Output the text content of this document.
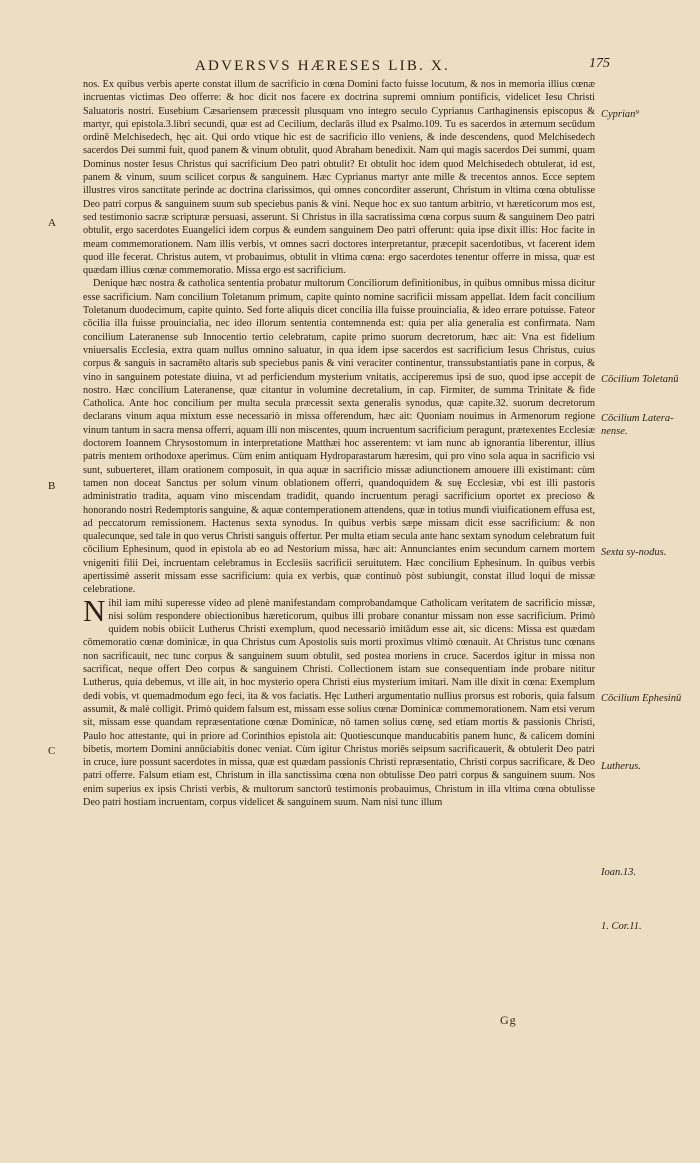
ADVERSVS HÆRESES LIB. X.	175

nos. Ex quibus verbis aperte constat illum de sacrificio in cœna Domini facto fuisse locutum, & nos in memoria illius cœnæ incruentas victimas Deo offerre: & hoc dicit nos facere ex doctrina supremi omnium pontificis, videlicet Iesu Christi Saluatoris nostri. Eusebium Cæsariensem præcessit plusquam vno integro seculo Cyprianus Carthaginensis episcopus & martyr, qui epistola.3.libri secundi, quæ est ad Cecilium, declarās illud ex Psalmo.109. Tu es sacerdos in æternum secūdum ordinē Melchisedech, hęc ait. Qui ordo vtique hic est de sacrificio illo veniens, & inde descendens, quod Melchisedech sacerdos Dei summi fuit, quod panem & vinum obtulit, quod Abraham benedixit. Nam qui magis sacerdos Dei summi, quam Dominus noster Iesus Christus qui sacrificium Deo patri obtulit? Et obtulit hoc idem quod Melchisedech obtulerat, id est, panem & vinum, suum scilicet corpus & sanguinem. Hæc Cyprianus martyr ante mille & trecentos annos. Ecce septem illustres viros sanctitate perinde ac doctrina clarissimos, qui omnes concorditer asserunt, Christum in vltima cœna obtulisse Deo patri corpus & sanguinem suum sub speciebus panis & vini. Neque hoc ex suo tantum arbitrio, vt hæreticorum mos est, sed testimonio sacræ scripturæ persuasi, asserunt. Si Christus in illa sacratissima cœna corpus suum & sanguinem Deo patri obtulit, ergo sacerdotes Euangelici idem corpus & eundem sanguinem Deo patri offerunt: quia ipse dixit illis: Hoc facite in meam commemorationem. Nam illis verbis, vt omnes sacri doctores interpretantur, præcepit sacerdotibus, vt facerent idem quod ille fecerat. Christus autem, vt probauimus, obtulit in vltima cœna: ergo sacerdotes tenentur offerre in missa, quæ est quædam illius cœnæ commemoratio. Missa ergo est sacrificium.

Denique hæc nostra & catholica sententia probatur multorum Conciliorum definitionibus, in quibus omnibus missa dicitur esse sacrificium. Nam concilium Toletanum primum, capite quinto nomine sacrificii missam appellat. Idem facit concilium Toletanum duodecimum, capite quinto. Sed forte aliquis dicet concilia illa fuisse prouincialia, & ideo errare potuisse. Fateor cōcilia illa fuisse prouincialia, nec ideo illorum sententia contemnenda est: quia per alia generalia est confirmata. Nam concilium Lateranense sub Innocentio tertio celebratum, capite primo suorum decretorum, hæc ait: Vna est fidelium vniuersalis Ecclesia, extra quam nullus omnino saluatur, in qua idem ipse sacerdos est sacrificium Iesus Christus, cuius corpus & sanguis in sacramēto altaris sub speciebus panis & vini veraciter continentur, transsubstantiatis pane in corpus, & vino in sanguinem potestate diuina, vt ad perficiendum mysterium vnitatis, acciperemus ipsi de suo, quod ipse accepit de nostro. Hæc concilium Lateranense, quæ citantur in volumine decretalium, in cap. Firmiter, de summa Trinitate & fide Catholica. Ante hoc concilium per multa secula præcessit sexta generalis synodus, quæ capite.32. suorum decretorum declarans vinum aqua mixtum esse necessariò in missa offerendum, hæc ait: Quoniam nouimus in Armenorum regione vinum tantum in sacra mensa offerri, aquam illi non miscentes, quum incruentum sacrificium peragunt, prætexentes Ecclesiæ doctorem Ioannem Chrysostomum in interpretatione Matthæi hoc asserentem: vt iam nunc ab ignorantia liberentur, illius patris mentem orthodoxe aperimus. Cùm enim antiquam Hydroparastarum hæresim, qui pro vino sola aqua in sacrificio vsi sunt, subuerteret, illam orationem composuit, in qua aquæ in sacrificio missæ adiunctionem amouere illi existimant: cùm tamen non doceat Sanctus per solum vinum oblationem offerri, quandoquidem & suę Ecclesiæ, vbi est illi pastoris administratio tradita, aquam vino miscendam tradidit, quando incruentum peragi sacrificium oportet ex precioso & honorando nostri Redemptoris sanguine, & aquæ contemperationem attendens, quæ in totius mundi viuificationem effusa est, ad peccatorum remissionem. Hactenus sexta synodus. In quibus verbis sæpe missam dicit esse sacrificium: & non qualecunque, sed tale in quo verus Christi sanguis offertur. Per multa etiam secula ante hanc sextam synodum celebratum fuit cōcilium Ephesinum, quod in epistola ab eo ad Nestorium missa, hæc ait: Annunciantes enim secundum carnem mortem vnigeniti filii Dei, incruentam celebramus in Ecclesiis sacrificii seruitutem. Hæc concilium Ephesinum. In quibus verbis apertissimè asserit missam esse sacrificium: quia ex verbis, quæ continuò pòst subiungit, constat illud loqui de missæ celebratione.

Nihil iam mihi superesse video ad plenè manifestandam comprobandamque Catholicam veritatem de sacrificio missæ, nisi solùm respondere obiectionibus hæreticorum, quibus illi probare conantur missam non esse sacrificium. Primò quidem nobis obiicit Lutherus Christi exemplum, quod necessariò imitādum esse ait, sic dicens: Missa est quædam cōmemoratio cœnæ dominicæ, in qua Christus cum Apostolis suis morti proximus vltimò cœnauit. At Christus tunc cœnans non sacrificauit, nec tunc corpus & sanguinem suum obtulit, sed postea moriens in cruce. Sacerdos igitur in missa non sacrificat, neque offert Deo corpus & sanguinem Christi. Collectionem istam sue consequentiam inde probare nititur Lutherus, quia debemus, vt ille ait, in hoc mysterio opera Christi eius mysterium imitari. Nam ille dixit in cœna: Exemplum dedi vobis, vt quemadmodum ego feci, ita & vos faciatis. Hęc Lutheri argumentatio nullius prorsus est roboris, quia falsum assumit, & malè colligit. Primò quidem falsum est, missam esse solius cœnæ Dominicæ commemorationem. Nam etsi verum sit, missam esse quandam repræsentatione cœnæ Dominicæ, nō tamen solius cœnę, sed etiam mortis & passionis Christi, Paulo hoc attestante, qui in priore ad Corinthios epistola ait: Quotiescunque manducabitis panem hunc, & calicem domini bibetis, mortem Domini annūciabitis donec veniat. Cùm igitur Christus moriēs seipsum sacrificauerit, & obtulerit Deo patri in cruce, iure possunt sacerdotes in missa, quæ est quædam passionis Christi repræsentatio, Christi corpus sacrificare, & Deo patri offerre. Falsum etiam est, Christum in illa sanctissima cœna non obtulisse Deo patri corpus & sanguinem suum. Nos enim superius ex ipsis Christi verbis, & multorum sanctorū testimonis probauimus, Christum in illa vltima cœna obtulisse Deo patri hostiam incruentam, corpus videlicet & sanguinem suum. Nam nisi tunc illum

A
B
C
Cyprian⁹
Cōcilium Toletanū
Cōcilium Latera-nense.
Sexta sy-nodus.
Cōcilium Ephesinū
Lutherus.
Ioan.13.
1. Cor.11.
Gg
